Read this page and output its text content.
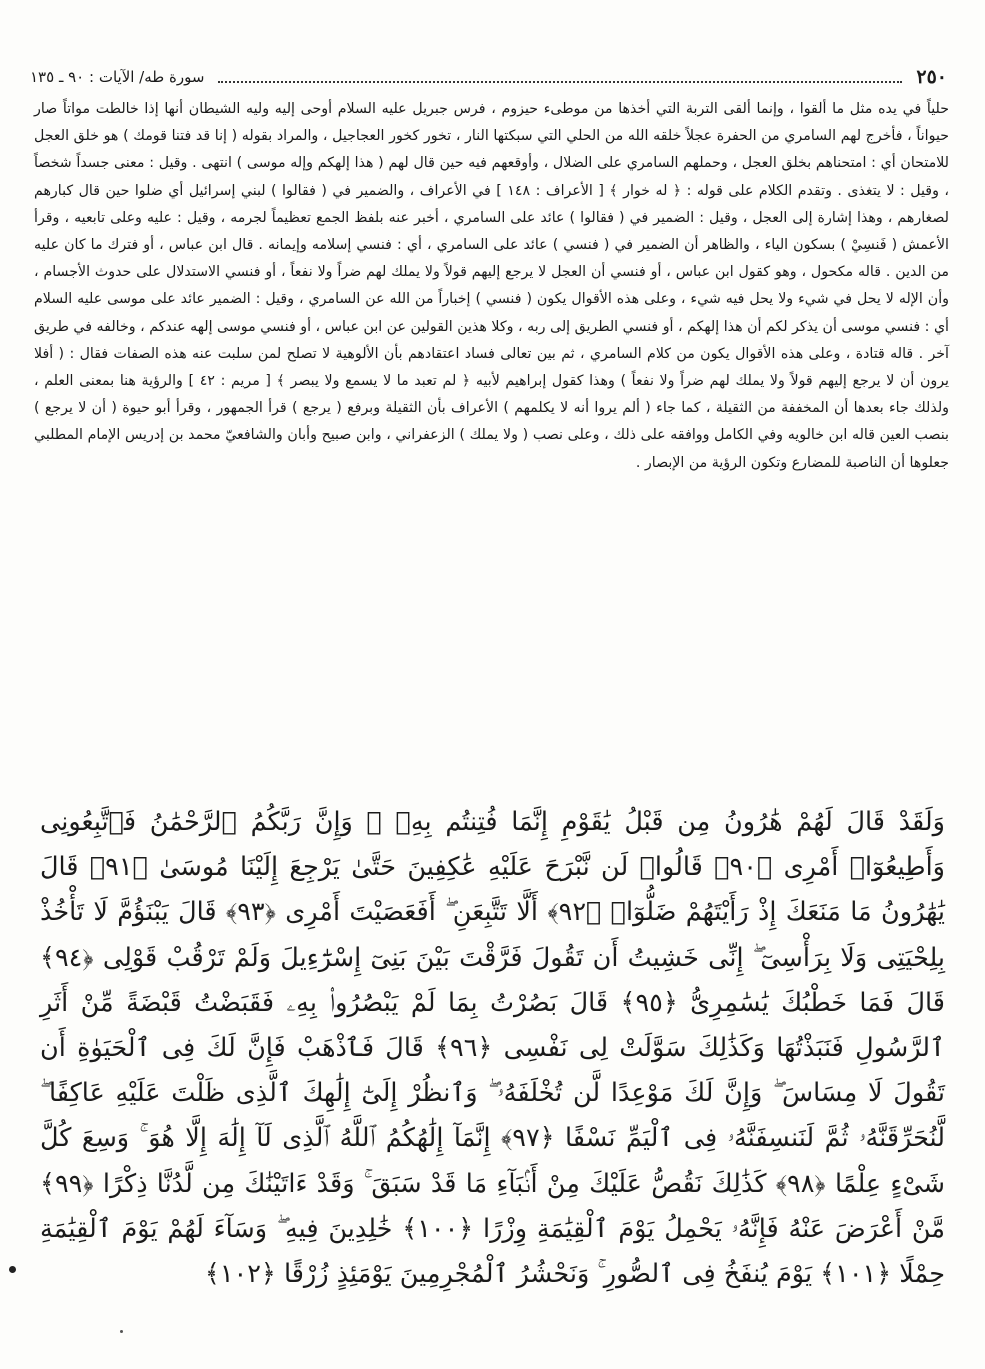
٢٥٠
سورة طه/ الآيات : ٩٠ ـ ١٣٥

حلياً في يده مثل ما ألقوا ، وإنما ألقى التربة التي أخذها من موطىء حيزوم ، فرس جبريل عليه السلام أوحى إليه وليه الشيطان أنها إذا خالطت مواتاً صار حيواناً ، فأخرج لهم السامري من الحفرة عجلاً خلقه الله من الحلي التي سبكتها النار ، تخور كخور العجاجيل ، والمراد بقوله ( إنا قد فتنا قومك ) هو خلق العجل للامتحان أي : امتحناهم بخلق العجل ، وحملهم السامري على الضلال ، وأوقعهم فيه حين قال لهم ( هذا إلهكم وإله موسى ) انتهى . وقيل : معنى جسداً شخصاً ، وقيل : لا يتغذى . وتقدم الكلام على قوله : ﴿ له خوار ﴾ [ الأعراف : ١٤٨ ] في الأعراف ، والضمير في ( فقالوا ) لبني إسرائيل أي ضلوا حين قال كبارهم لصغارهم ، وهذا إشارة إلى العجل ، وقيل : الضمير في ( فقالوا ) عائد على السامري ، أخبر عنه بلفظ الجمع تعظيماً لجرمه ، وقيل : عليه وعلى تابعيه ، وقرأ الأعمش ( فَنسِيْ ) بسكون الياء ، والظاهر أن الضمير في ( فنسي ) عائد على السامري ، أي : فنسي إسلامه وإيمانه . قال ابن عباس ، أو فترك ما كان عليه من الدين . قاله مكحول ، وهو كقول ابن عباس ، أو فنسي أن العجل لا يرجع إليهم قولاً ولا يملك لهم ضراً ولا نفعاً ، أو فنسي الاستدلال على حدوث الأجسام ، وأن الإله لا يحل في شيء ولا يحل فيه شيء ، وعلى هذه الأقوال يكون ( فنسي ) إخباراً من الله عن السامري ، وقيل : الضمير عائد على موسى عليه السلام أي : فنسي موسى أن يذكر لكم أن هذا إلهكم ، أو فنسي الطريق إلى ربه ، وكلا هذين القولين عن ابن عباس ، أو فنسي موسى إلهه عندكم ، وخالفه في طريق آخر . قاله قتادة ، وعلى هذه الأقوال يكون من كلام السامري ، ثم بين تعالى فساد اعتقادهم بأن الألوهية لا تصلح لمن سلبت عنه هذه الصفات فقال : ( أفلا يرون أن لا يرجع إليهم قولاً ولا يملك لهم ضراً ولا نفعاً ) وهذا كقول إبراهيم لأبيه ﴿ لم تعبد ما لا يسمع ولا يبصر ﴾ [ مريم : ٤٢ ] والرؤية هنا بمعنى العلم ، ولذلك جاء بعدها أن المخففة من الثقيلة ، كما جاء ( ألم يروا أنه لا يكلمهم ) الأعراف بأن الثقيلة وبرفع ( يرجع ) قرأ الجمهور ، وقرأ أبو حيوة ( أن لا يرجع ) بنصب العين قاله ابن خالويه وفي الكامل ووافقه على ذلك ، وعلى نصب ( ولا يملك ) الزعفراني ، وابن صبيح وأبان والشافعيّ محمد بن إدريس الإمام المطلبي جعلوها أن الناصبة للمضارع وتكون الرؤية من الإبصار .

وَلَقَدْ قَالَ لَهُمْ هَٰرُونُ مِن قَبْلُ يَٰقَوْمِ إِنَّمَا فُتِنتُم بِهِۦ ۖ وَإِنَّ رَبَّكُمُ ٱلرَّحْمَٰنُ فَٱتَّبِعُونِى وَأَطِيعُوٓا۟ أَمْرِى ﴿٩٠﴾ قَالُوا۟ لَن نَّبْرَحَ عَلَيْهِ عَٰكِفِينَ حَتَّىٰ يَرْجِعَ إِلَيْنَا مُوسَىٰ ﴿٩١﴾ قَالَ يَٰهَٰرُونُ مَا مَنَعَكَ إِذْ رَأَيْتَهُمْ ضَلُّوٓا۟ ﴿٩٢﴾ أَلَّا تَتَّبِعَنِ ۖ أَفَعَصَيْتَ أَمْرِى ﴿٩٣﴾ قَالَ يَبْنَؤُمَّ لَا تَأْخُذْ بِلِحْيَتِى وَلَا بِرَأْسِىٓ ۖ إِنِّى خَشِيتُ أَن تَقُولَ فَرَّقْتَ بَيْنَ بَنِىٓ إِسْرَٰٓءِيلَ وَلَمْ تَرْقُبْ قَوْلِى ﴿٩٤﴾ قَالَ فَمَا خَطْبُكَ يَٰسَٰمِرِىُّ ﴿٩٥﴾ قَالَ بَصُرْتُ بِمَا لَمْ يَبْصُرُوا۟ بِهِۦ فَقَبَضْتُ قَبْضَةً مِّنْ أَثَرِ ٱلرَّسُولِ فَنَبَذْتُهَا وَكَذَٰلِكَ سَوَّلَتْ لِى نَفْسِى ﴿٩٦﴾ قَالَ فَٱذْهَبْ فَإِنَّ لَكَ فِى ٱلْحَيَوٰةِ أَن تَقُولَ لَا مِسَاسَ ۖ وَإِنَّ لَكَ مَوْعِدًا لَّن تُخْلَفَهُۥ ۖ وَٱنظُرْ إِلَىٰٓ إِلَٰهِكَ ٱلَّذِى ظَلْتَ عَلَيْهِ عَاكِفًا ۖ لَّنُحَرِّقَنَّهُۥ ثُمَّ لَنَنسِفَنَّهُۥ فِى ٱلْيَمِّ نَسْفًا ﴿٩٧﴾ إِنَّمَآ إِلَٰهُكُمُ ٱللَّهُ ٱلَّذِى لَآ إِلَٰهَ إِلَّا هُوَ ۚ وَسِعَ كُلَّ شَىْءٍ عِلْمًا ﴿٩٨﴾ كَذَٰلِكَ نَقُصُّ عَلَيْكَ مِنْ أَنۢبَآءِ مَا قَدْ سَبَقَ ۚ وَقَدْ ءَاتَيْنَٰكَ مِن لَّدُنَّا ذِكْرًا ﴿٩٩﴾ مَّنْ أَعْرَضَ عَنْهُ فَإِنَّهُۥ يَحْمِلُ يَوْمَ ٱلْقِيَٰمَةِ وِزْرًا ﴿١٠٠﴾ خَٰلِدِينَ فِيهِ ۖ وَسَآءَ لَهُمْ يَوْمَ ٱلْقِيَٰمَةِ حِمْلًا ﴿١٠١﴾ يَوْمَ يُنفَخُ فِى ٱلصُّورِ ۚ وَنَحْشُرُ ٱلْمُجْرِمِينَ يَوْمَئِذٍ زُرْقًا ﴿١٠٢﴾
